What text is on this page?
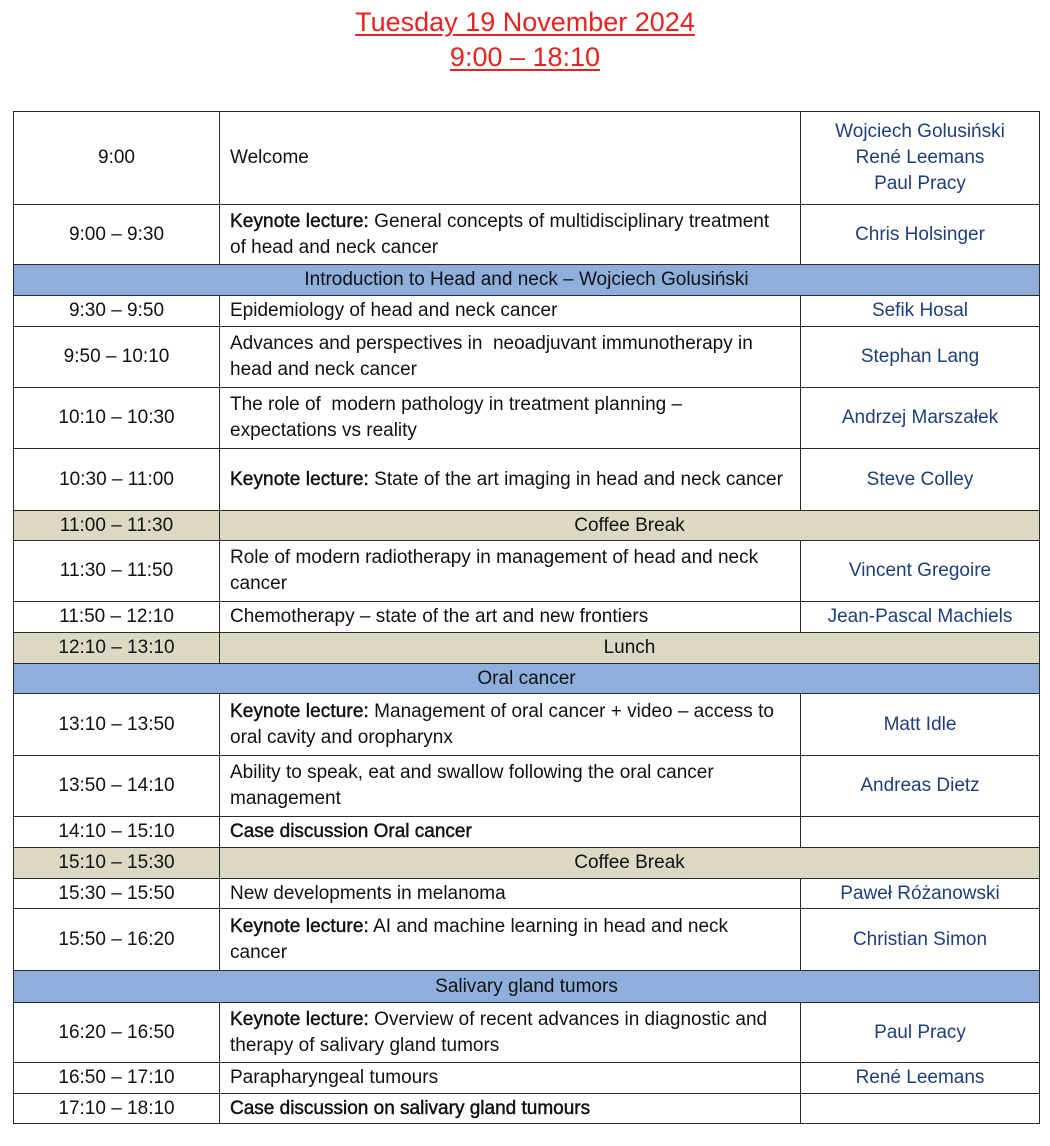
Tuesday 19 November 2024
9:00 – 18:10
9:00	Welcome	Wojciech Golusiński
René Leemans
Paul Pracy

9:00 – 9:30	Keynote lecture: General concepts of multidisciplinary treatment of head and neck cancer	Chris Holsinger
Introduction to Head and neck – Wojciech Golusiński		
9:30 – 9:50	Epidemiology of head and neck cancer	Sefik Hosal
9:50 – 10:10	Advances and perspectives in  neoadjuvant immunotherapy in head and neck cancer	Stephan Lang
10:10 – 10:30	The role of  modern pathology in treatment planning – expectations vs reality	Andrzej Marszałek
10:30 – 11:00	Keynote lecture: State of the art imaging in head and neck cancer	Steve Colley
11:00 – 11:30	Coffee Break	
11:30 – 11:50	Role of modern radiotherapy in management of head and neck cancer	Vincent Gregoire
11:50 – 12:10	Chemotherapy – state of the art and new frontiers	Jean-Pascal Machiels
12:10 – 13:10	Lunch	
Oral cancer		
13:10 – 13:50	Keynote lecture: Management of oral cancer + video – access to oral cavity and oropharynx	Matt Idle
13:50 – 14:10	Ability to speak, eat and swallow following the oral cancer management	Andreas Dietz
14:10 – 15:10	Case discussion Oral cancer	
15:10 – 15:30	Coffee Break	
15:30 – 15:50	New developments in melanoma	Paweł Różanowski
15:50 – 16:20	Keynote lecture: AI and machine learning in head and neck cancer	Christian Simon
Salivary gland tumors		
16:20 – 16:50	Keynote lecture: Overview of recent advances in diagnostic and therapy of salivary gland tumors	Paul Pracy
16:50 – 17:10	Parapharyngeal tumours	René Leemans
17:10 – 18:10	Case discussion on salivary gland tumours	
